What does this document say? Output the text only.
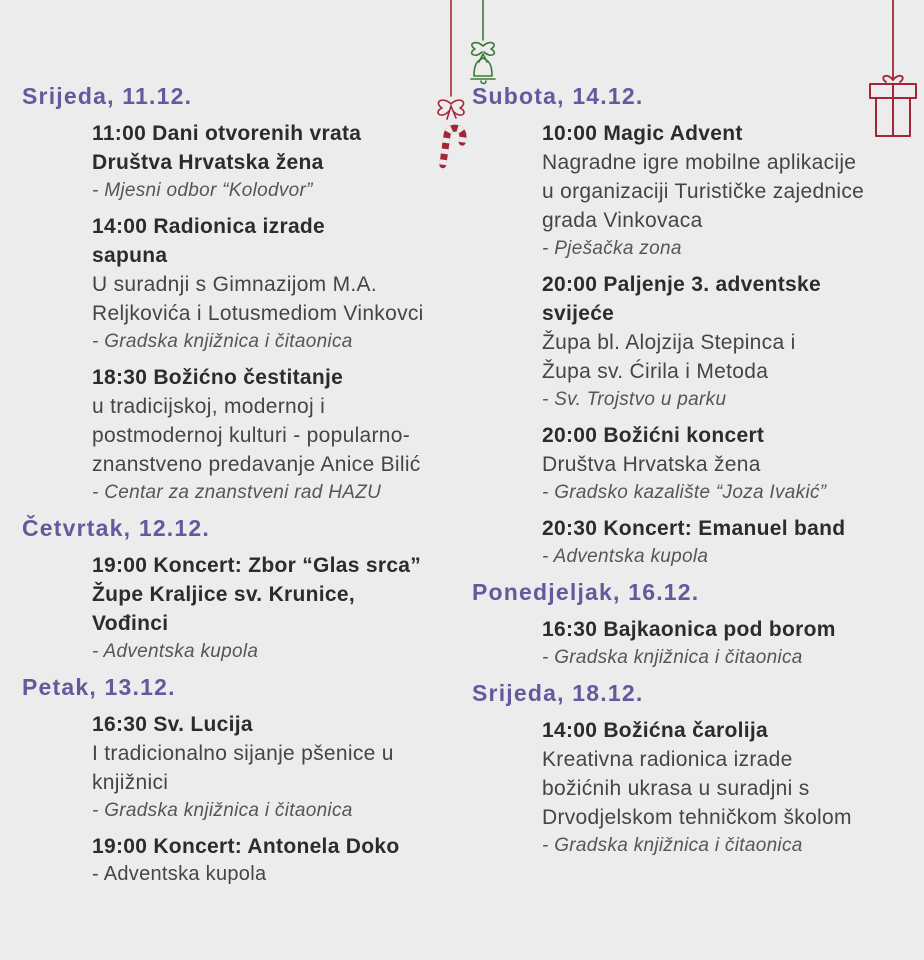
Srijeda, 11.12.
11:00 Dani otvorenih vrata
Društva Hrvatska žena
- Mjesni odbor “Kolodvor”
14:00 Radionica izrade
sapuna
U suradnji s Gimnazijom M.A.
Reljkovića i Lotusmediom Vinkovci
- Gradska knjižnica i čitaonica
18:30 Božićno čestitanje
u tradicijskoj, modernoj i
postmodernoj kulturi - popularno-
znanstveno predavanje Anice Bilić
- Centar za znanstveni rad HAZU
Četvrtak, 12.12.
19:00 Koncert: Zbor “Glas srca”
Župe Kraljice sv. Krunice,
Vođinci
- Adventska kupola
Petak, 13.12.
16:30 Sv. Lucija
I tradicionalno sijanje pšenice u
knjižnici
- Gradska knjižnica i čitaonica
19:00 Koncert: Antonela Doko
- Adventska kupola
Subota, 14.12.
10:00 Magic Advent
Nagradne igre mobilne aplikacije
u organizaciji Turističke zajednice
grada Vinkovaca
- Pješačka zona
20:00 Paljenje 3. adventske
svijeće
Župa bl. Alojzija Stepinca i
Župa sv. Ćirila i Metoda
- Sv. Trojstvo u parku
20:00 Božićni koncert
Društva Hrvatska žena
- Gradsko kazalište “Joza Ivakić”
20:30 Koncert: Emanuel band
- Adventska kupola
Ponedjeljak, 16.12.
16:30 Bajkaonica pod borom
- Gradska knjižnica i čitaonica
Srijeda, 18.12.
14:00 Božićna čarolija
Kreativna radionica izrade
božićnih ukrasa u suradjni s
Drvodjelskom tehničkom školom
- Gradska knjižnica i čitaonica
